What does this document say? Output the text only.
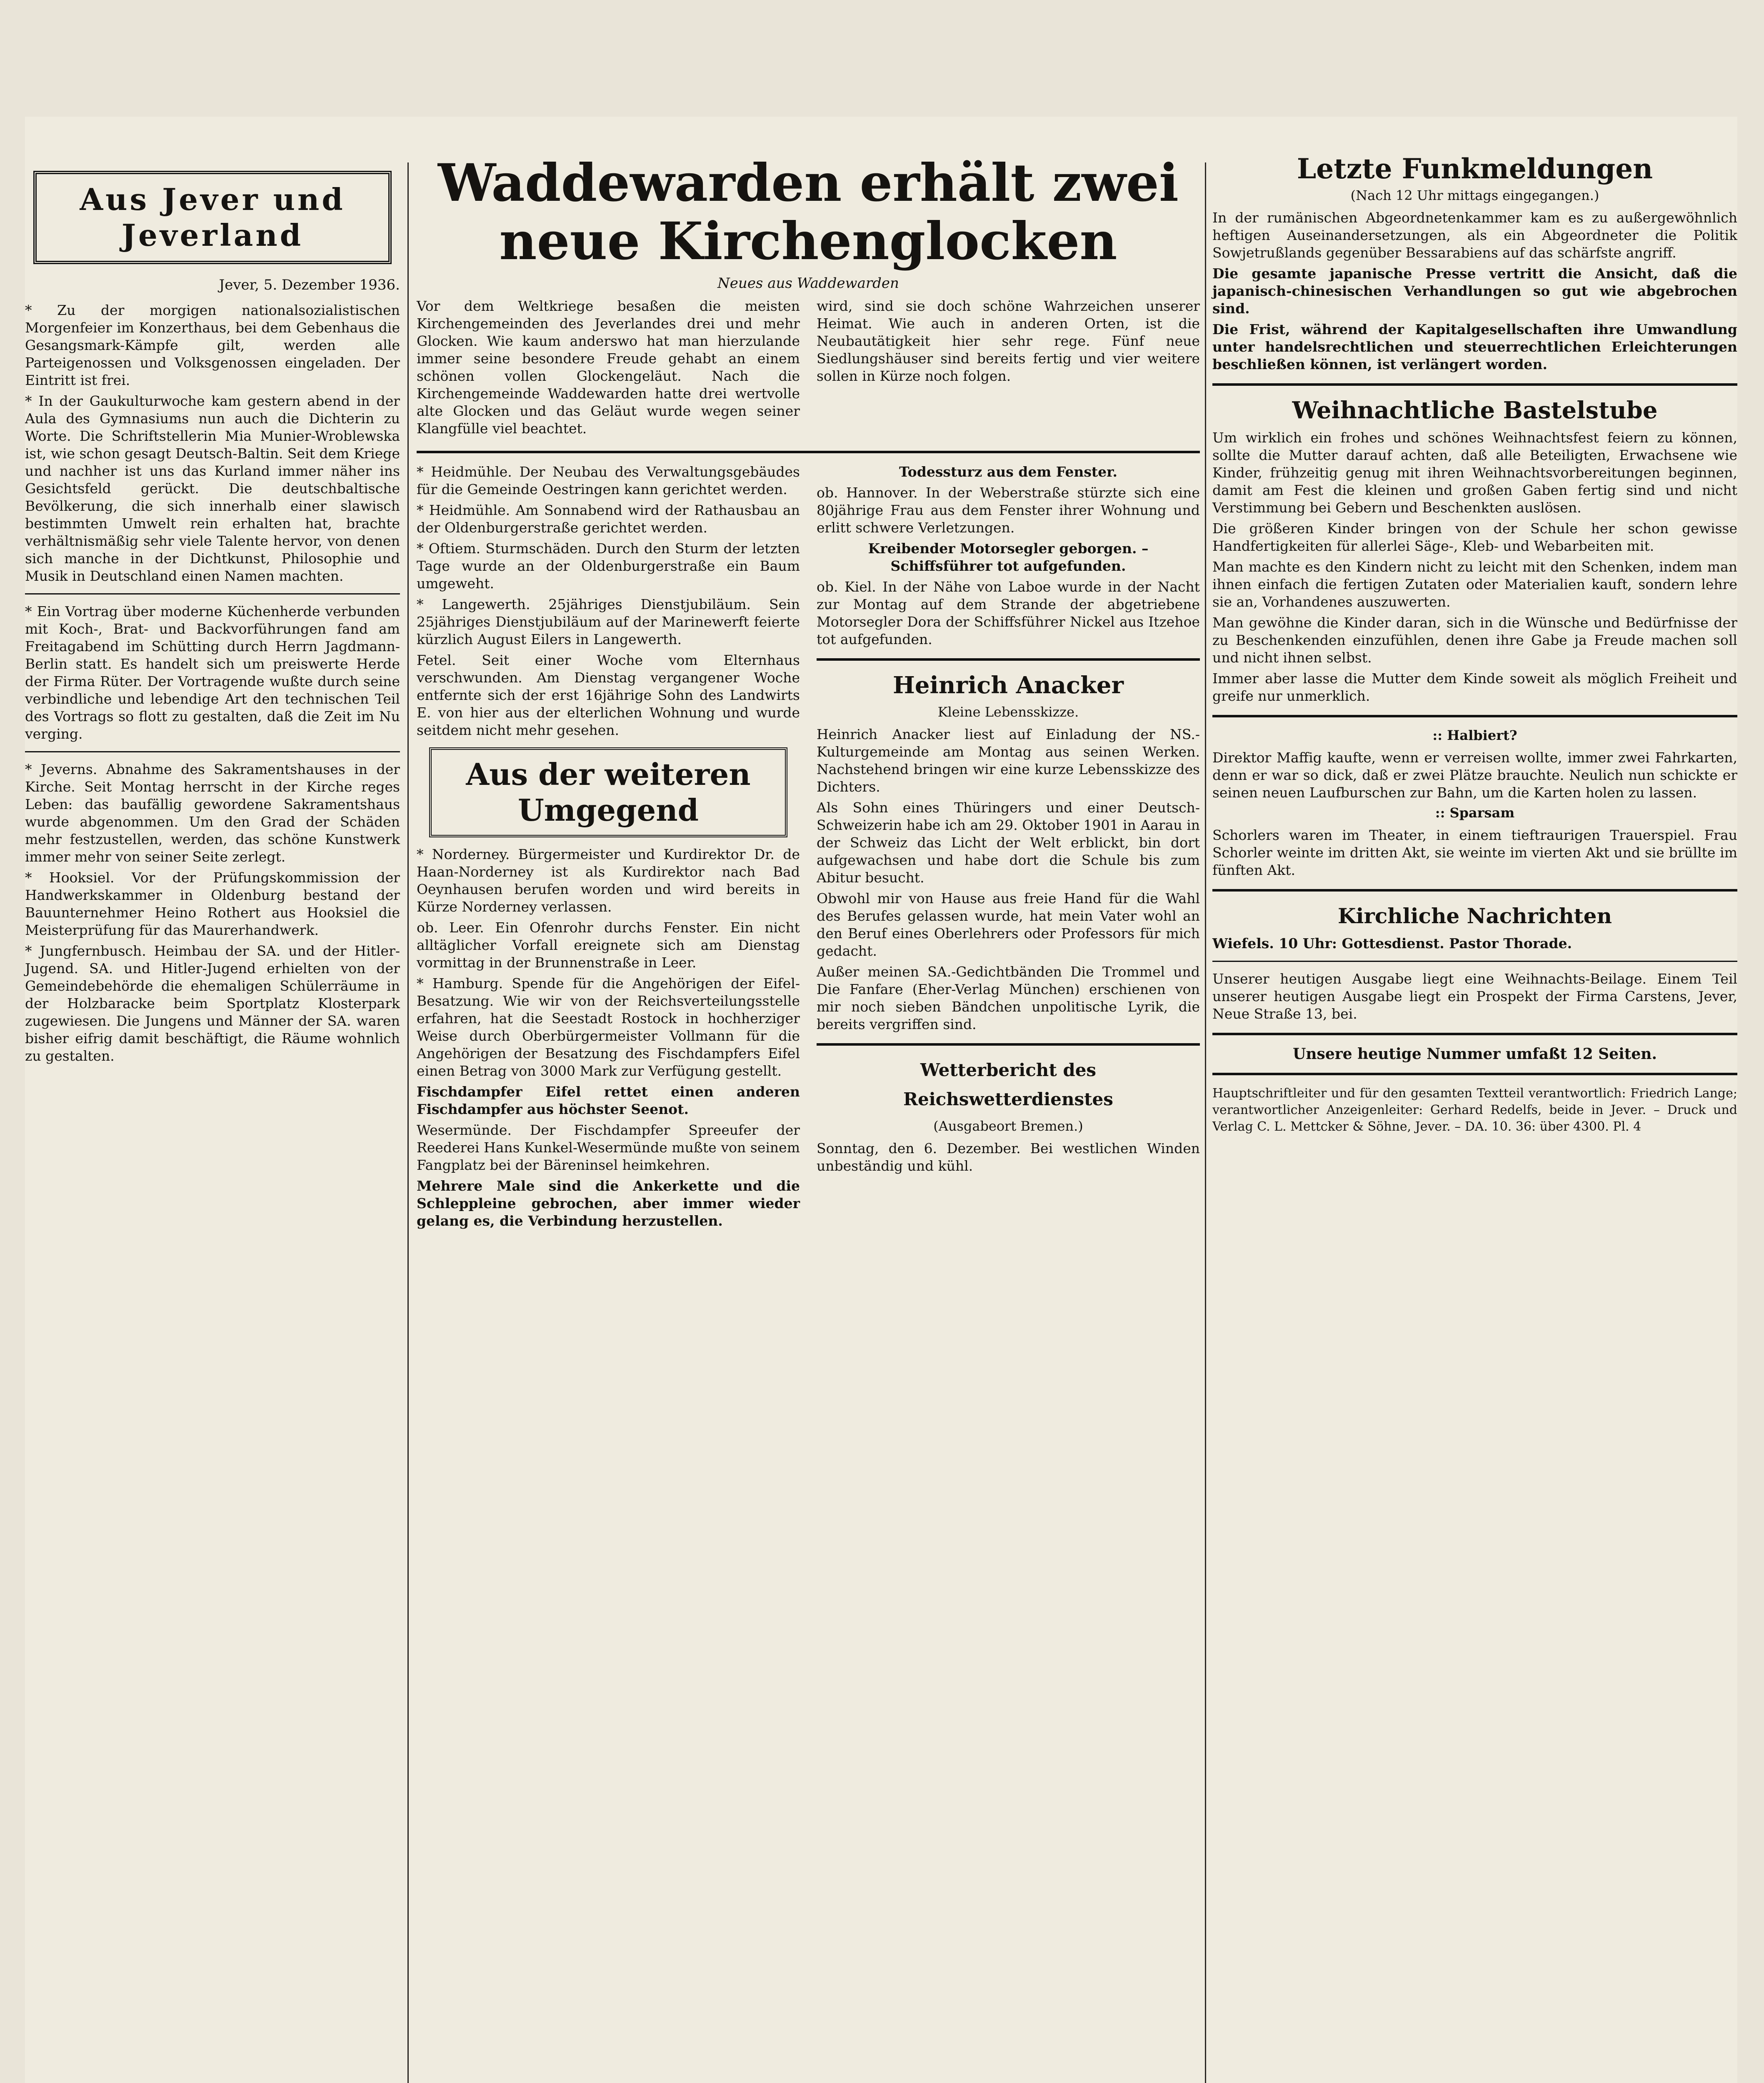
Aus Jever und Jeverland
Jever, 5. Dezember 1936.

* Zu der morgigen nationalsozialistischen Morgenfeier im Konzerthaus, bei dem Gebenhaus die Gesangsmark-Kämpfe gilt, werden alle Parteigenossen und Volksgenossen eingeladen. Der Eintritt ist frei.

* In der Gaukulturwoche kam gestern abend in der Aula des Gymnasiums nun auch die Dichterin zu Worte. Die Schriftstellerin Mia Munier-Wroblewska ist, wie schon gesagt Deutsch-Baltin. Seit dem Kriege und nachher ist uns das Kurland immer näher ins Gesichtsfeld gerückt. Die deutschbaltische Bevölkerung, die sich innerhalb einer slawisch bestimmten Umwelt rein erhalten hat, brachte verhältnismäßig sehr viele Talente hervor, von denen sich manche in der Dichtkunst, Philosophie und Musik in Deutschland einen Namen machten.

* Ein Vortrag über moderne Küchenherde verbunden mit Koch-, Brat- und Backvorführungen fand am Freitagabend im Schütting durch Herrn Jagdmann-Berlin statt. Es handelt sich um preiswerte Herde der Firma Rüter. Der Vortragende wußte durch seine verbindliche und lebendige Art den technischen Teil des Vortrags so flott zu gestalten, daß die Zeit im Nu verging.

* Jeverns. Abnahme des Sakramentshauses in der Kirche. Seit Montag herrscht in der Kirche reges Leben: das baufällig gewordene Sakramentshaus wurde abgenommen. Um den Grad der Schäden mehr festzustellen, werden, das schöne Kunstwerk immer mehr von seiner Seite zerlegt.

* Hooksiel. Vor der Prüfungskommission der Handwerkskammer in Oldenburg bestand der Bauunternehmer Heino Rothert aus Hooksiel die Meisterprüfung für das Maurerhandwerk.

* Jungfernbusch. Heimbau der SA. und der Hitler-Jugend. SA. und Hitler-Jugend erhielten von der Gemeindebehörde die ehemaligen Schülerräume in der Holzbaracke beim Sportplatz Klosterpark zugewiesen. Die Jungens und Männer der SA. waren bisher eifrig damit beschäftigt, die Räume wohnlich zu gestalten.

Waddewarden erhält zwei neue Kirchenglocken
Neues aus Waddewarden

Vor dem Weltkriege besaßen die meisten Kirchengemeinden des Jeverlandes drei und mehr Glocken. Wie kaum anderswo hat man hierzulande immer seine besondere Freude gehabt an einem schönen vollen Glockengeläut. Nach die Kirchengemeinde Waddewarden hatte drei wertvolle alte Glocken und das Geläut wurde wegen seiner Klangfülle viel beachtet.

wird, sind sie doch schöne Wahrzeichen unserer Heimat. Wie auch in anderen Orten, ist die Neubautätigkeit hier sehr rege. Fünf neue Siedlungshäuser sind bereits fertig und vier weitere sollen in Kürze noch folgen.

* Heidmühle. Der Neubau des Verwaltungsgebäudes für die Gemeinde Oestringen kann gerichtet werden.

* Heidmühle. Am Sonnabend wird der Rathausbau an der Oldenburgerstraße gerichtet werden.

* Oftiem. Sturmschäden. Durch den Sturm der letzten Tage wurde an der Oldenburgerstraße ein Baum umgeweht.

* Langewerth. 25jähriges Dienstjubiläum. Sein 25jähriges Dienstjubiläum auf der Marinewerft feierte kürzlich August Eilers in Langewerth.

Fetel. Seit einer Woche vom Elternhaus verschwunden. Am Dienstag vergangener Woche entfernte sich der erst 16jährige Sohn des Landwirts E. von hier aus der elterlichen Wohnung und wurde seitdem nicht mehr gesehen.

Aus der weiteren Umgegend

* Norderney. Bürgermeister und Kurdirektor Dr. de Haan-Norderney ist als Kurdirektor nach Bad Oeynhausen berufen worden und wird bereits in Kürze Norderney verlassen.

ob. Leer. Ein Ofenrohr durchs Fenster. Ein nicht alltäglicher Vorfall ereignete sich am Dienstag vormittag in der Brunnenstraße in Leer.

* Hamburg. Spende für die Angehörigen der Eifel-Besatzung. Wie wir von der Reichsverteilungsstelle erfahren, hat die Seestadt Rostock in hochherziger Weise durch Oberbürgermeister Vollmann für die Angehörigen der Besatzung des Fischdampfers Eifel einen Betrag von 3000 Mark zur Verfügung gestellt.

Fischdampfer Eifel rettet einen anderen Fischdampfer aus höchster Seenot.

Wesermünde. Der Fischdampfer Spreeufer der Reederei Hans Kunkel-Wesermünde mußte von seinem Fangplatz bei der Bäreninsel heimkehren.

Mehrere Male sind die Ankerkette und die Schleppleine gebrochen, aber immer wieder gelang es, die Verbindung herzustellen.

Todessturz aus dem Fenster.

ob. Hannover. In der Weberstraße stürzte sich eine 80jährige Frau aus dem Fenster ihrer Wohnung und erlitt schwere Verletzungen.

Kreibender Motorsegler geborgen. – Schiffsführer tot aufgefunden.

ob. Kiel. In der Nähe von Laboe wurde in der Nacht zur Montag auf dem Strande der abgetriebene Motorsegler Dora der Schiffsführer Nickel aus Itzehoe tot aufgefunden.

Heinrich Anacker
Kleine Lebensskizze.

Heinrich Anacker liest auf Einladung der NS.-Kulturgemeinde am Montag aus seinen Werken. Nachstehend bringen wir eine kurze Lebensskizze des Dichters.

Als Sohn eines Thüringers und einer Deutsch-Schweizerin habe ich am 29. Oktober 1901 in Aarau in der Schweiz das Licht der Welt erblickt, bin dort aufgewachsen und habe dort die Schule bis zum Abitur besucht.

Obwohl mir von Hause aus freie Hand für die Wahl des Berufes gelassen wurde, hat mein Vater wohl an den Beruf eines Oberlehrers oder Professors für mich gedacht.

Außer meinen SA.-Gedichtbänden Die Trommel und Die Fanfare (Eher-Verlag München) erschienen von mir noch sieben Bändchen unpolitische Lyrik, die bereits vergriffen sind.

Wetterbericht des Reichswetterdienstes
(Ausgabeort Bremen.)

Sonntag, den 6. Dezember. Bei westlichen Winden unbeständig und kühl.

Letzte Funkmeldungen
(Nach 12 Uhr mittags eingegangen.)

In der rumänischen Abgeordnetenkammer kam es zu außergewöhnlich heftigen Auseinandersetzungen, als ein Abgeordneter die Politik Sowjetrußlands gegenüber Bessarabiens auf das schärfste angriff.

Die gesamte japanische Presse vertritt die Ansicht, daß die japanisch-chinesischen Verhandlungen so gut wie abgebrochen sind.

Die Frist, während der Kapitalgesellschaften ihre Umwandlung unter handelsrechtlichen und steuerrechtlichen Erleichterungen beschließen können, ist verlängert worden.

Weihnachtliche Bastelstube

Um wirklich ein frohes und schönes Weihnachtsfest feiern zu können, sollte die Mutter darauf achten, daß alle Beteiligten, Erwachsene wie Kinder, frühzeitig genug mit ihren Weihnachtsvorbereitungen beginnen, damit am Fest die kleinen und großen Gaben fertig sind und nicht Verstimmung bei Gebern und Beschenkten auslösen.

Die größeren Kinder bringen von der Schule her schon gewisse Handfertigkeiten für allerlei Säge-, Kleb- und Webarbeiten mit.

Man machte es den Kindern nicht zu leicht mit den Schenken, indem man ihnen einfach die fertigen Zutaten oder Materialien kauft, sondern lehre sie an, Vorhandenes auszuwerten.

Man gewöhne die Kinder daran, sich in die Wünsche und Bedürfnisse der zu Beschenkenden einzufühlen, denen ihre Gabe ja Freude machen soll und nicht ihnen selbst.

Immer aber lasse die Mutter dem Kinde soweit als möglich Freiheit und greife nur unmerklich.

:: Halbiert?

Direktor Maffig kaufte, wenn er verreisen wollte, immer zwei Fahrkarten, denn er war so dick, daß er zwei Plätze brauchte. Neulich nun schickte er seinen neuen Laufburschen zur Bahn, um die Karten holen zu lassen.

:: Sparsam

Schorlers waren im Theater, in einem tieftraurigen Trauerspiel. Frau Schorler weinte im dritten Akt, sie weinte im vierten Akt und sie brüllte im fünften Akt.

Kirchliche Nachrichten

Wiefels. 10 Uhr: Gottesdienst. Pastor Thorade.

Unserer heutigen Ausgabe liegt eine Weihnachts-Beilage. Einem Teil unserer heutigen Ausgabe liegt ein Prospekt der Firma Carstens, Jever, Neue Straße 13, bei.

Unsere heutige Nummer umfaßt 12 Seiten.

Hauptschriftleiter und für den gesamten Textteil verantwortlich: Friedrich Lange; verantwortlicher Anzeigenleiter: Gerhard Redelfs, beide in Jever. – Druck und Verlag C. L. Mettcker & Söhne, Jever. – DA. 10. 36: über 4300. Pl. 4
